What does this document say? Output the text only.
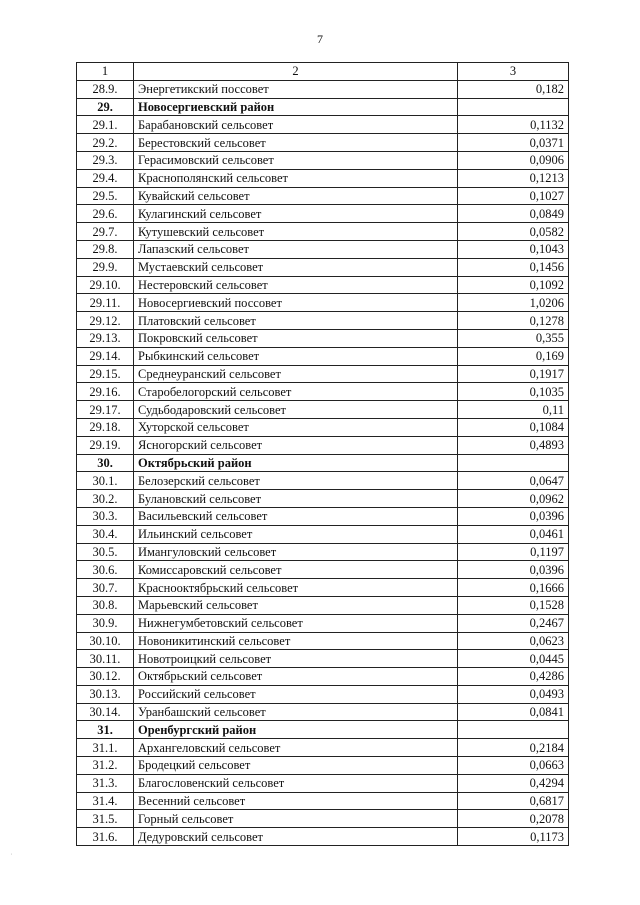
7
1	2	3
28.9.	Энергетикский поссовет	0,182
29.	Новосергиевский район	
29.1.	Барабановский сельсовет	0,1132
29.2.	Берестовский сельсовет	0,0371
29.3.	Герасимовский сельсовет	0,0906
29.4.	Краснополянский сельсовет	0,1213
29.5.	Кувайский сельсовет	0,1027
29.6.	Кулагинский сельсовет	0,0849
29.7.	Кутушевский сельсовет	0,0582
29.8.	Лапазский сельсовет	0,1043
29.9.	Мустаевский сельсовет	0,1456
29.10.	Нестеровский сельсовет	0,1092
29.11.	Новосергиевский поссовет	1,0206
29.12.	Платовский сельсовет	0,1278
29.13.	Покровский сельсовет	0,355
29.14.	Рыбкинский сельсовет	0,169
29.15.	Среднеуранский сельсовет	0,1917
29.16.	Старобелогорский сельсовет	0,1035
29.17.	Судьбодаровский сельсовет	0,11
29.18.	Хуторской сельсовет	0,1084
29.19.	Ясногорский сельсовет	0,4893
30.	Октябрьский район	
30.1.	Белозерский сельсовет	0,0647
30.2.	Булановский сельсовет	0,0962
30.3.	Васильевский сельсовет	0,0396
30.4.	Ильинский сельсовет	0,0461
30.5.	Имангуловский сельсовет	0,1197
30.6.	Комиссаровский сельсовет	0,0396
30.7.	Краснооктябрьский сельсовет	0,1666
30.8.	Марьевский сельсовет	0,1528
30.9.	Нижнегумбетовский сельсовет	0,2467
30.10.	Новоникитинский сельсовет	0,0623
30.11.	Новотроицкий сельсовет	0,0445
30.12.	Октябрьский сельсовет	0,4286
30.13.	Российский сельсовет	0,0493
30.14.	Уранбашский сельсовет	0,0841
31.	Оренбургский район	
31.1.	Архангеловский сельсовет	0,2184
31.2.	Бродецкий сельсовет	0,0663
31.3.	Благословенский сельсовет	0,4294
31.4.	Весенний сельсовет	0,6817
31.5.	Горный сельсовет	0,2078
31.6.	Дедуровский сельсовет	0,1173
˙
